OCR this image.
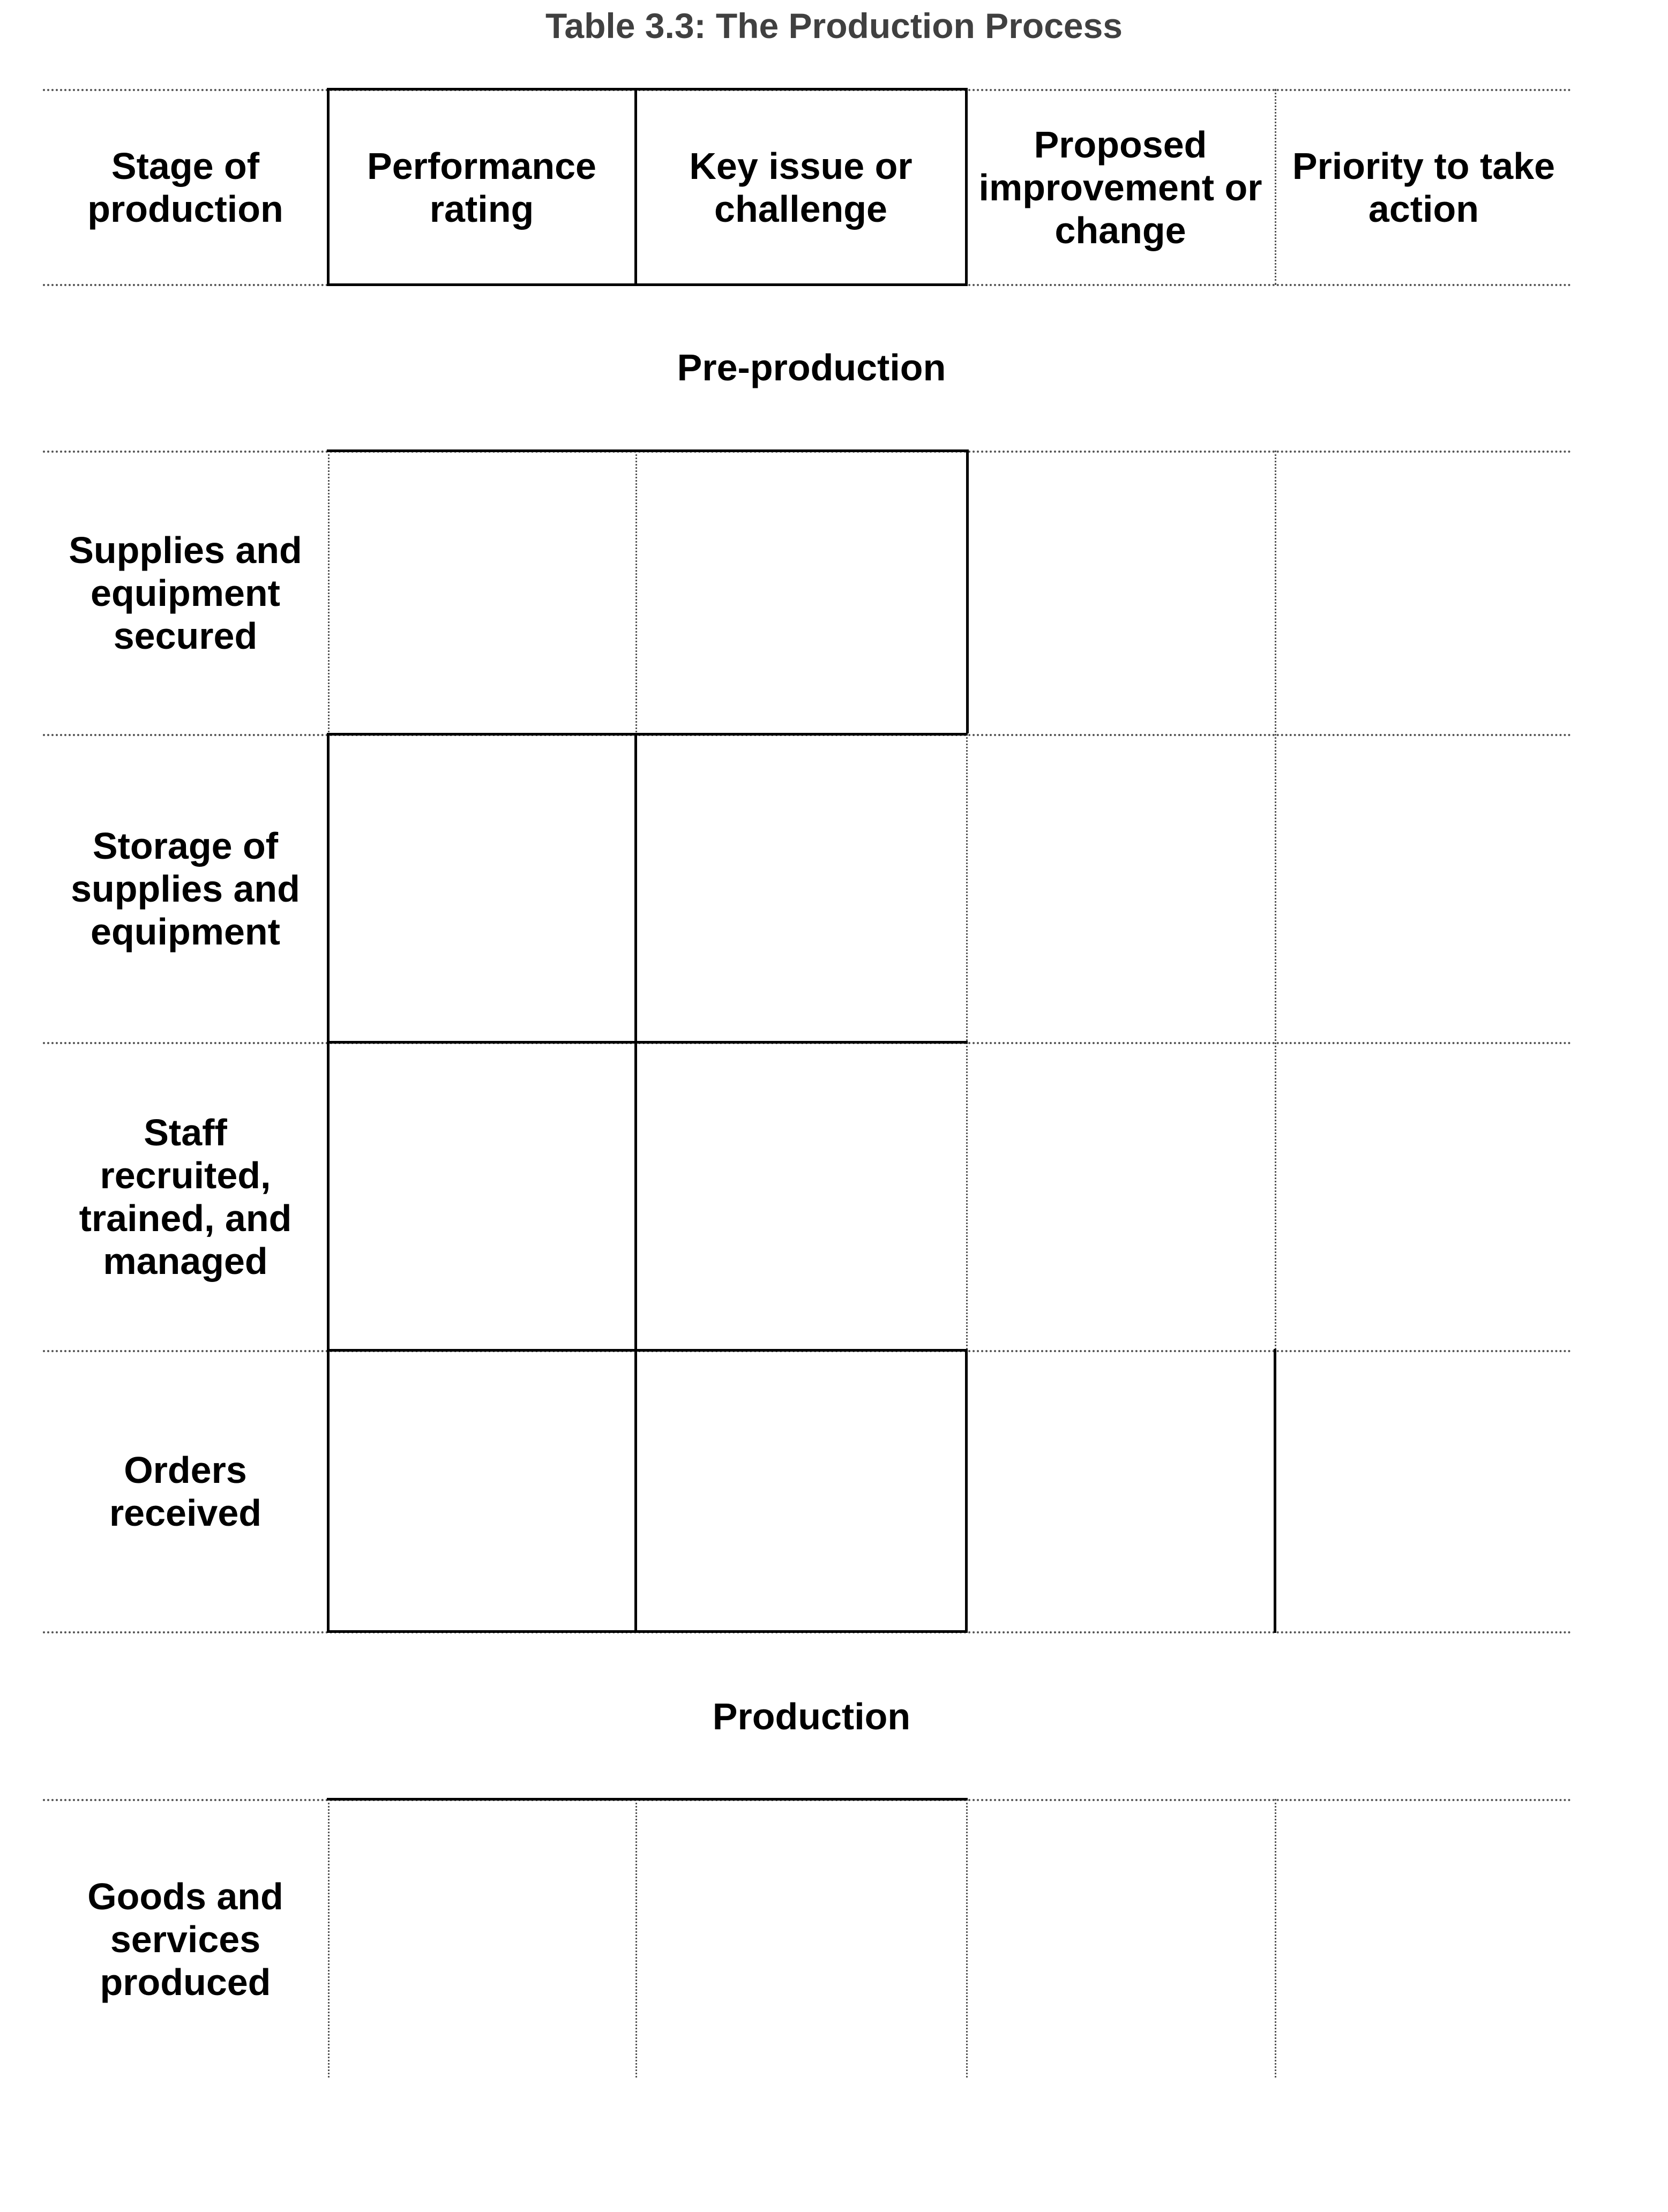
Table 3.3: The Production Process
Stage of production
Performance rating
Key issue or challenge
Proposed improvement or change
Priority to take action
Pre-production
Supplies and equipment secured
Storage of supplies and equipment
Staff recruited, trained, and managed
Orders received
Production
Goods and services produced
